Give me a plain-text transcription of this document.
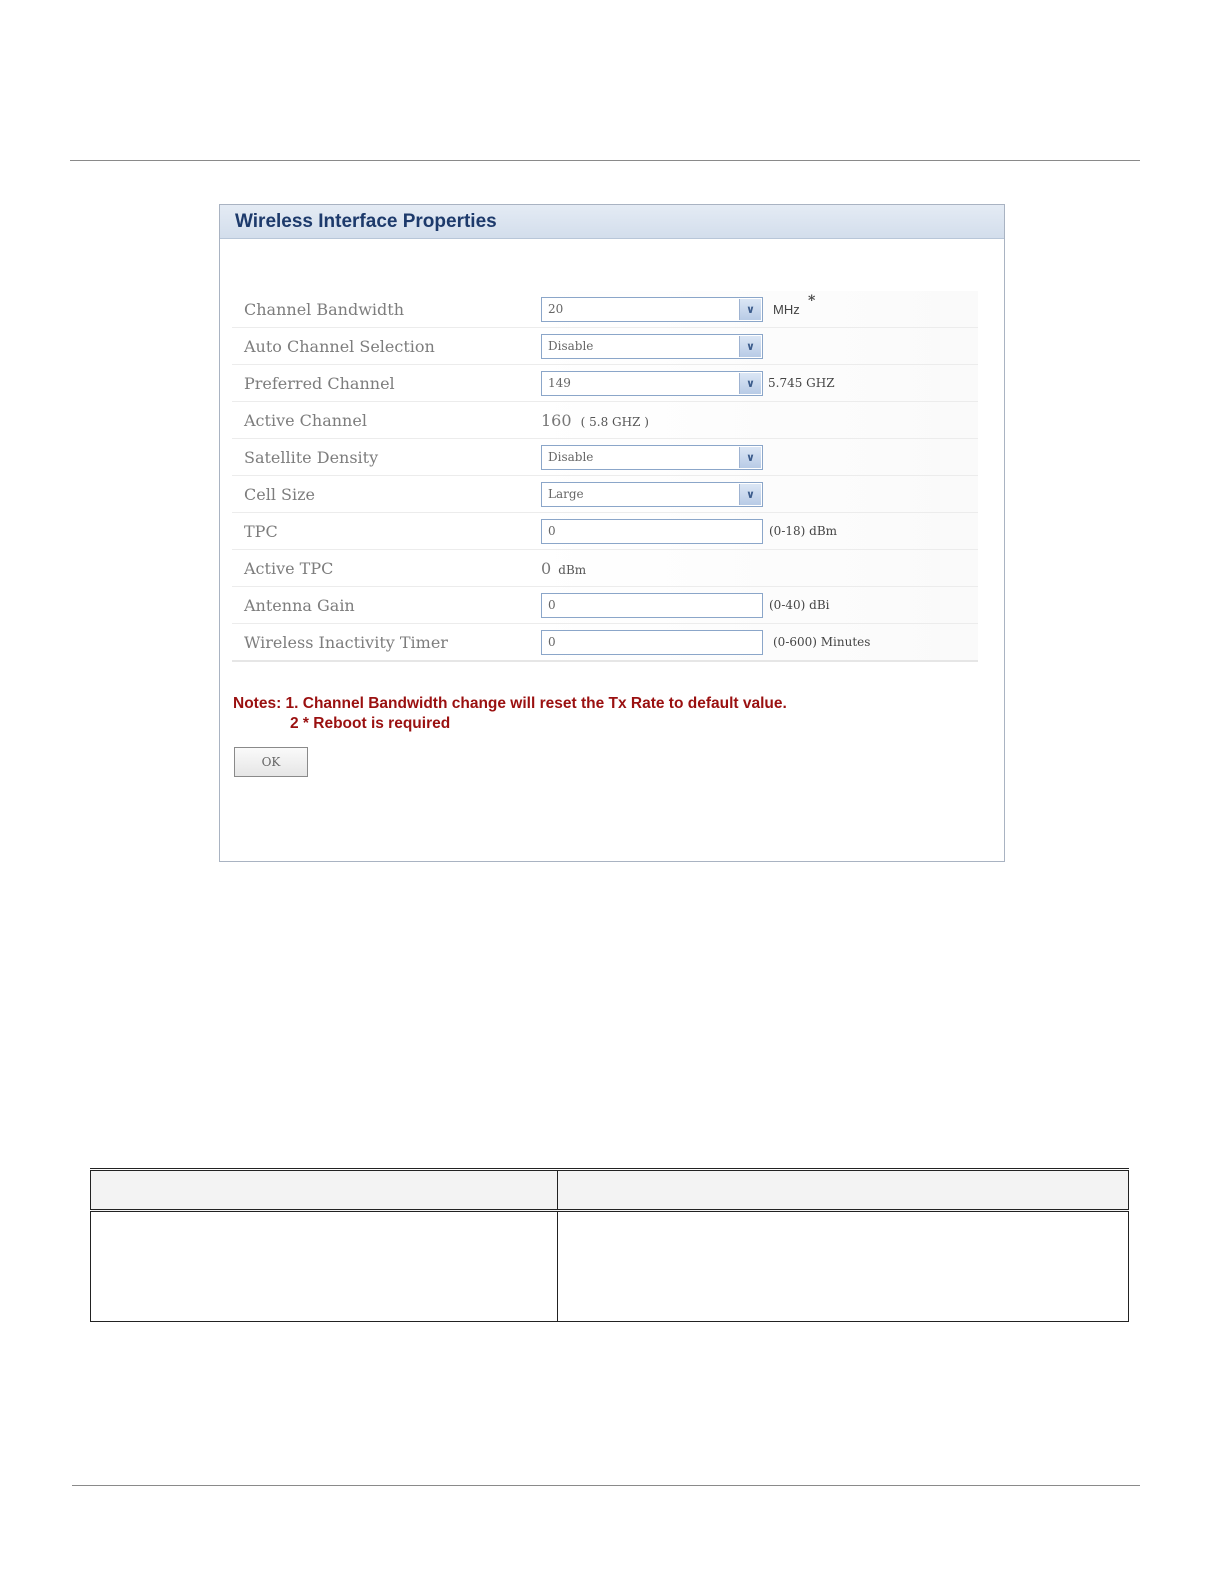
Wireless Interface Properties
Channel Bandwidth	20	∨	MHz *
Auto Channel Selection	Disable	∨
Preferred Channel	149	∨	5.745 GHZ
Active Channel	160 ( 5.8 GHZ )
Satellite Density	Disable	∨
Cell Size	Large	∨
TPC	0	(0-18) dBm
Active TPC	0 dBm
Antenna Gain	0	(0-40) dBi
Wireless Inactivity Timer	0	(0-600) Minutes
Notes: 1. Channel Bandwidth change will reset the Tx Rate to default value.
2 * Reboot is required
OK
